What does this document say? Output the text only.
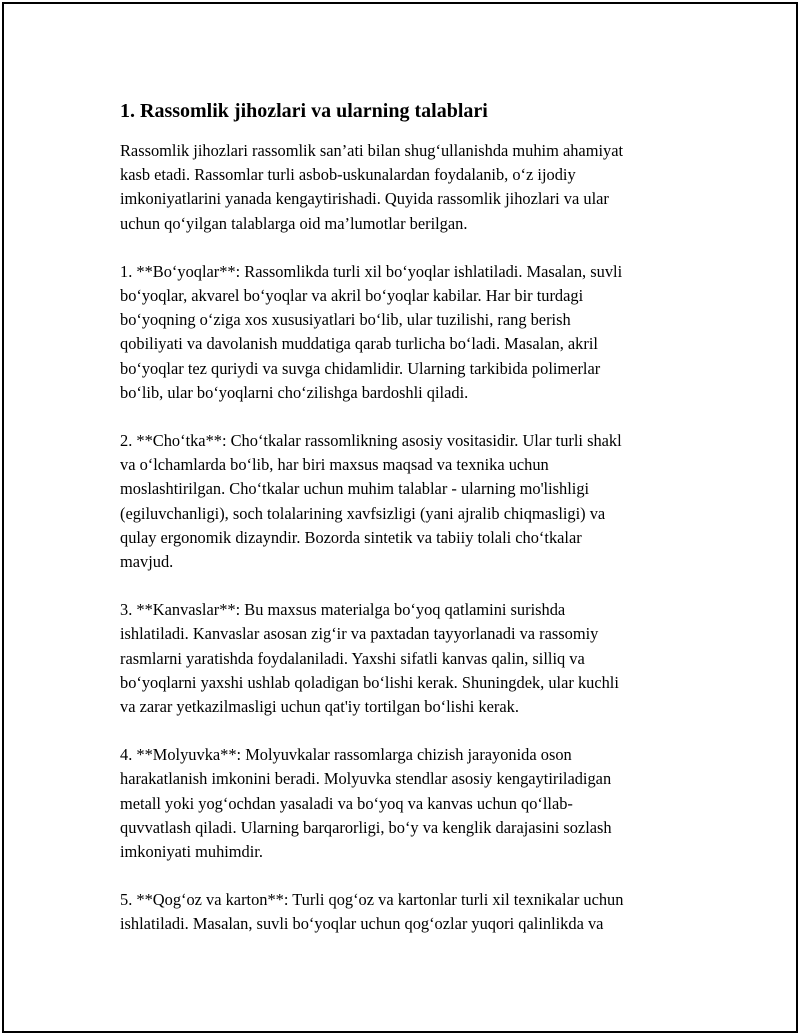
1. Rassomlik jihozlari va ularning talablari
Rassomlik jihozlari rassomlik san’ati bilan shug‘ullanishda muhim ahamiyat
kasb etadi. Rassomlar turli asbob-uskunalardan foydalanib, o‘z ijodiy
imkoniyatlarini yanada kengaytirishadi. Quyida rassomlik jihozlari va ular
uchun qo‘yilgan talablarga oid ma’lumotlar berilgan.
1. **Bo‘yoqlar**: Rassomlikda turli xil bo‘yoqlar ishlatiladi. Masalan, suvli
bo‘yoqlar, akvarel bo‘yoqlar va akril bo‘yoqlar kabilar. Har bir turdagi
bo‘yoqning o‘ziga xos xususiyatlari bo‘lib, ular tuzilishi, rang berish
qobiliyati va davolanish muddatiga qarab turlicha bo‘ladi. Masalan, akril
bo‘yoqlar tez quriydi va suvga chidamlidir. Ularning tarkibida polimerlar
bo‘lib, ular bo‘yoqlarni cho‘zilishga bardoshli qiladi.
2. **Cho‘tka**: Cho‘tkalar rassomlikning asosiy vositasidir. Ular turli shakl
va o‘lchamlarda bo‘lib, har biri maxsus maqsad va texnika uchun
moslashtirilgan. Cho‘tkalar uchun muhim talablar - ularning mo'lishligi
(egiluvchanligi), soch tolalarining xavfsizligi (yani ajralib chiqmasligi) va
qulay ergonomik dizayndir. Bozorda sintetik va tabiiy tolali cho‘tkalar
mavjud.
3. **Kanvaslar**: Bu maxsus materialga bo‘yoq qatlamini surishda
ishlatiladi. Kanvaslar asosan zig‘ir va paxtadan tayyorlanadi va rassomiy
rasmlarni yaratishda foydalaniladi. Yaxshi sifatli kanvas qalin, silliq va
bo‘yoqlarni yaxshi ushlab qoladigan bo‘lishi kerak. Shuningdek, ular kuchli
va zarar yetkazilmasligi uchun qat'iy tortilgan bo‘lishi kerak.
4. **Molyuvka**: Molyuvkalar rassomlarga chizish jarayonida oson
harakatlanish imkonini beradi. Molyuvka stendlar asosiy kengaytiriladigan
metall yoki yog‘ochdan yasaladi va bo‘yoq va kanvas uchun qo‘llab-
quvvatlash qiladi. Ularning barqarorligi, bo‘y va kenglik darajasini sozlash
imkoniyati muhimdir.
5. **Qog‘oz va karton**: Turli qog‘oz va kartonlar turli xil texnikalar uchun
ishlatiladi. Masalan, suvli bo‘yoqlar uchun qog‘ozlar yuqori qalinlikda va
